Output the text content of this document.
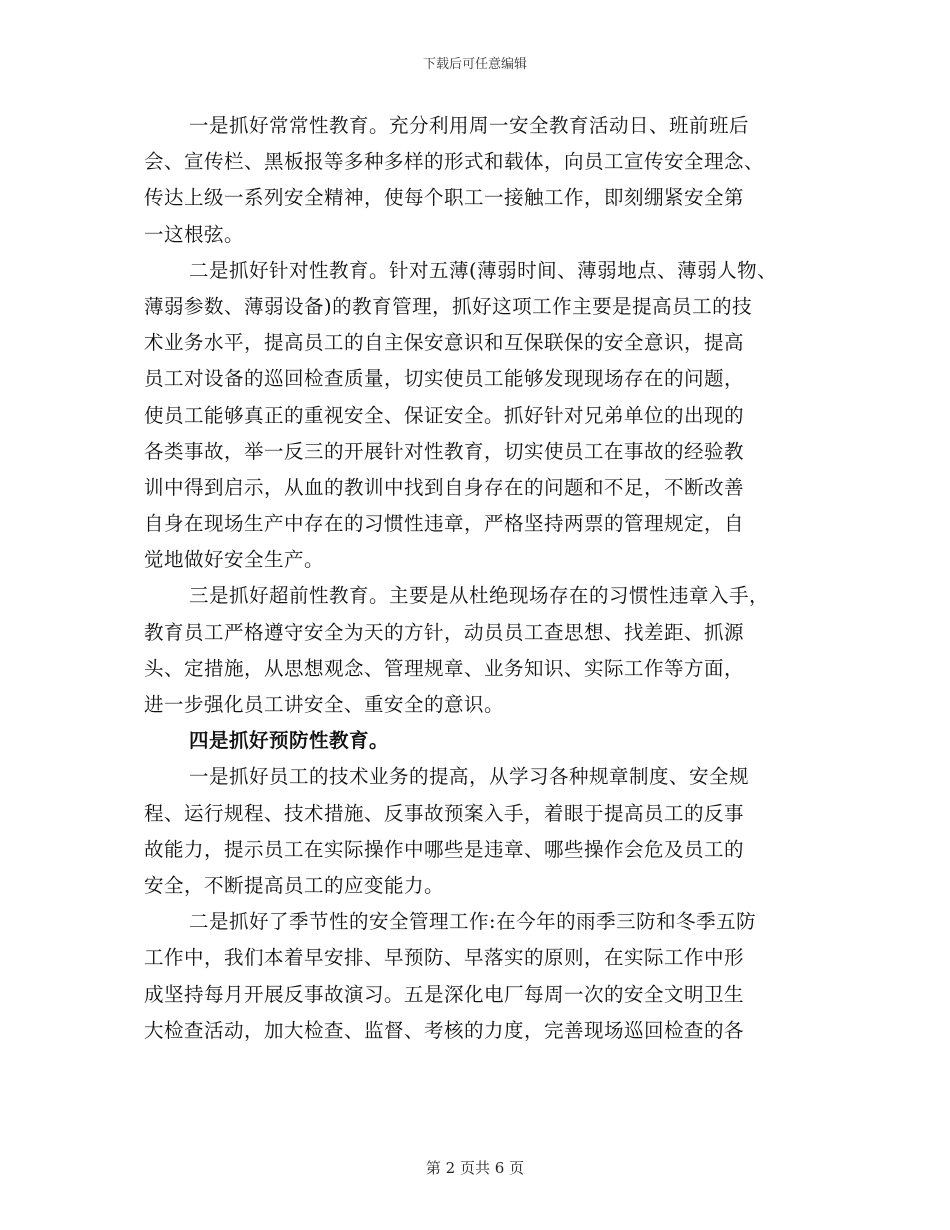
下载后可任意编辑
一是抓好常常性教育。充分利用周一安全教育活动日、班前班后
会、宣传栏、黑板报等多种多样的形式和载体，向员工宣传安全理念、
传达上级一系列安全精神，使每个职工一接触工作，即刻绷紧安全第
一这根弦。
二是抓好针对性教育。针对五薄(薄弱时间、薄弱地点、薄弱人物、
薄弱参数、薄弱设备)的教育管理，抓好这项工作主要是提高员工的技
术业务水平，提高员工的自主保安意识和互保联保的安全意识，提高
员工对设备的巡回检查质量，切实使员工能够发现现场存在的问题，
使员工能够真正的重视安全、保证安全。抓好针对兄弟单位的出现的
各类事故，举一反三的开展针对性教育，切实使员工在事故的经验教
训中得到启示，从血的教训中找到自身存在的问题和不足，不断改善
自身在现场生产中存在的习惯性违章，严格坚持两票的管理规定，自
觉地做好安全生产。
三是抓好超前性教育。主要是从杜绝现场存在的习惯性违章入手，
教育员工严格遵守安全为天的方针，动员员工查思想、找差距、抓源
头、定措施，从思想观念、管理规章、业务知识、实际工作等方面，
进一步强化员工讲安全、重安全的意识。
四是抓好预防性教育。
一是抓好员工的技术业务的提高，从学习各种规章制度、安全规
程、运行规程、技术措施、反事故预案入手，着眼于提高员工的反事
故能力，提示员工在实际操作中哪些是违章、哪些操作会危及员工的
安全，不断提高员工的应变能力。
二是抓好了季节性的安全管理工作:在今年的雨季三防和冬季五防
工作中，我们本着早安排、早预防、早落实的原则，在实际工作中形
成坚持每月开展反事故演习。五是深化电厂每周一次的安全文明卫生
大检查活动，加大检查、监督、考核的力度，完善现场巡回检查的各
第 2 页共 6 页
